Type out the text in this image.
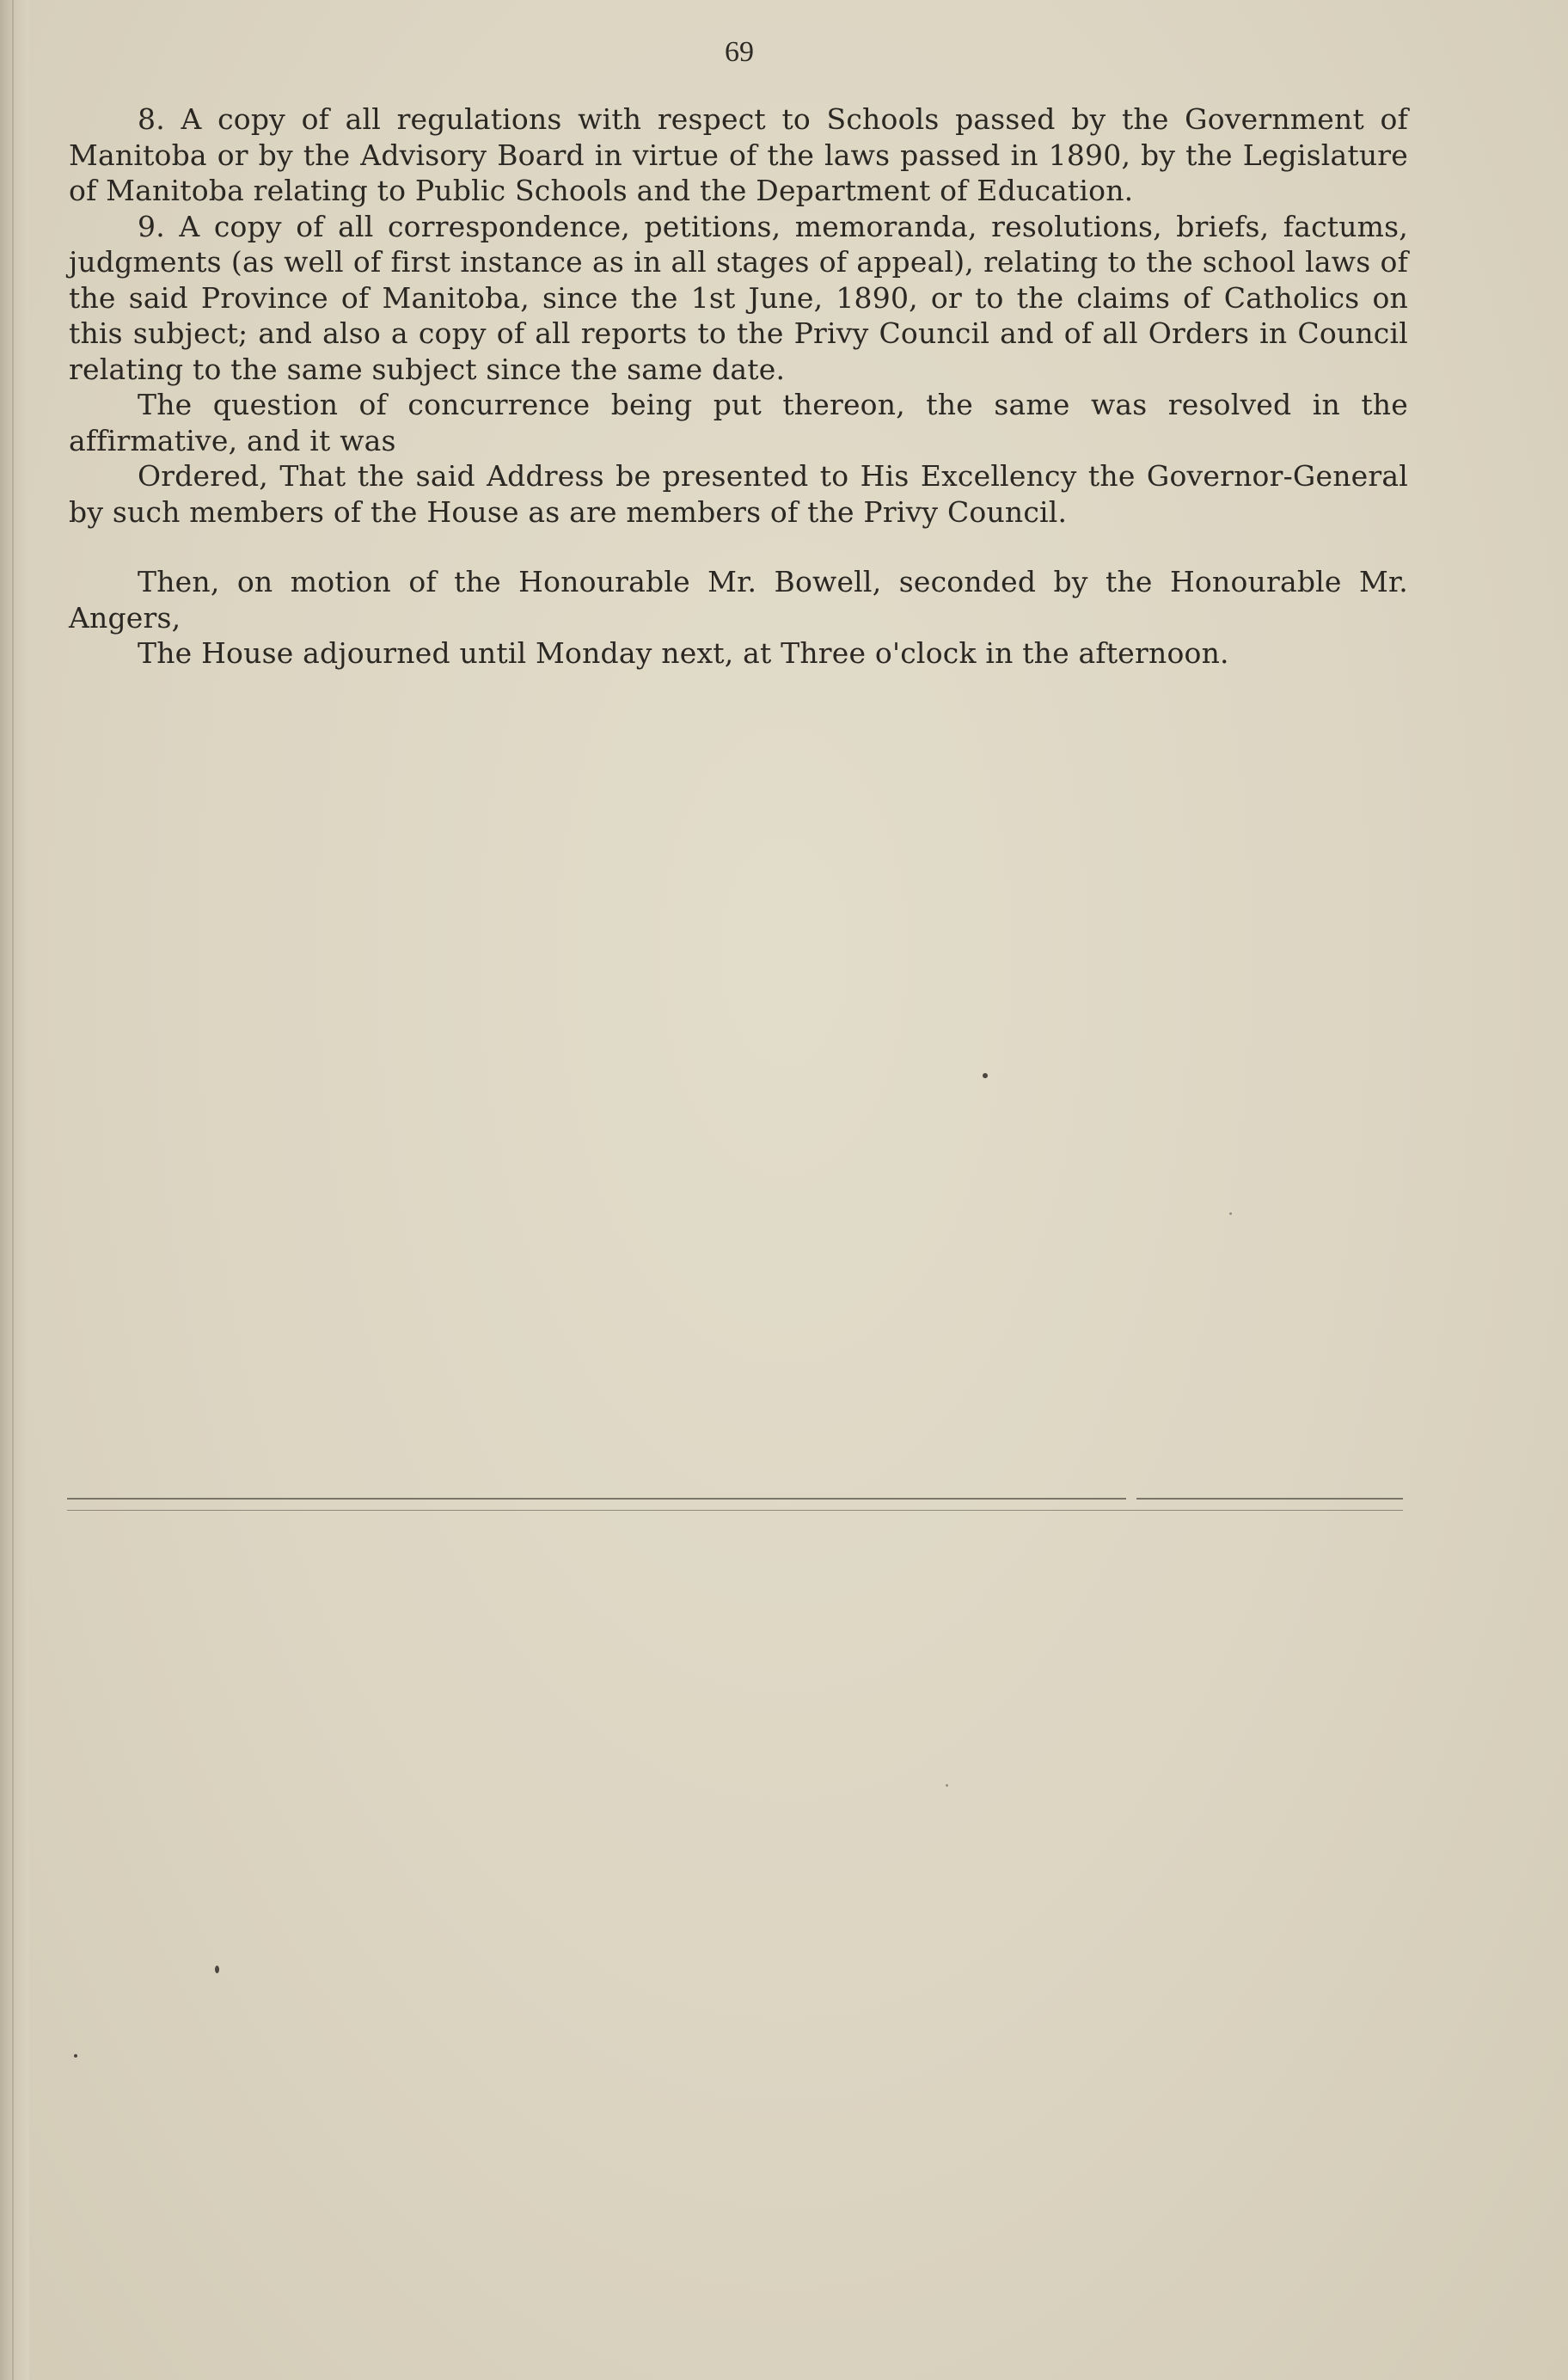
69

8. A copy of all regulations with respect to Schools passed by the Government of Manitoba or by the Advisory Board in virtue of the laws passed in 1890, by the Legislature of Manitoba relating to Public Schools and the Department of Education.

9. A copy of all correspondence, petitions, memoranda, resolutions, briefs, factums, judgments (as well of first instance as in all stages of appeal), relating to the school laws of the said Province of Manitoba, since the 1st June, 1890, or to the claims of Catholics on this subject; and also a copy of all reports to the Privy Council and of all Orders in Council relating to the same subject since the same date.

The question of concurrence being put thereon, the same was resolved in the affirmative, and it was

Ordered, That the said Address be presented to His Excellency the Governor-General by such members of the House as are members of the Privy Council.

Then, on motion of the Honourable Mr. Bowell, seconded by the Honourable Mr. Angers,

The House adjourned until Monday next, at Three o'clock in the afternoon.
